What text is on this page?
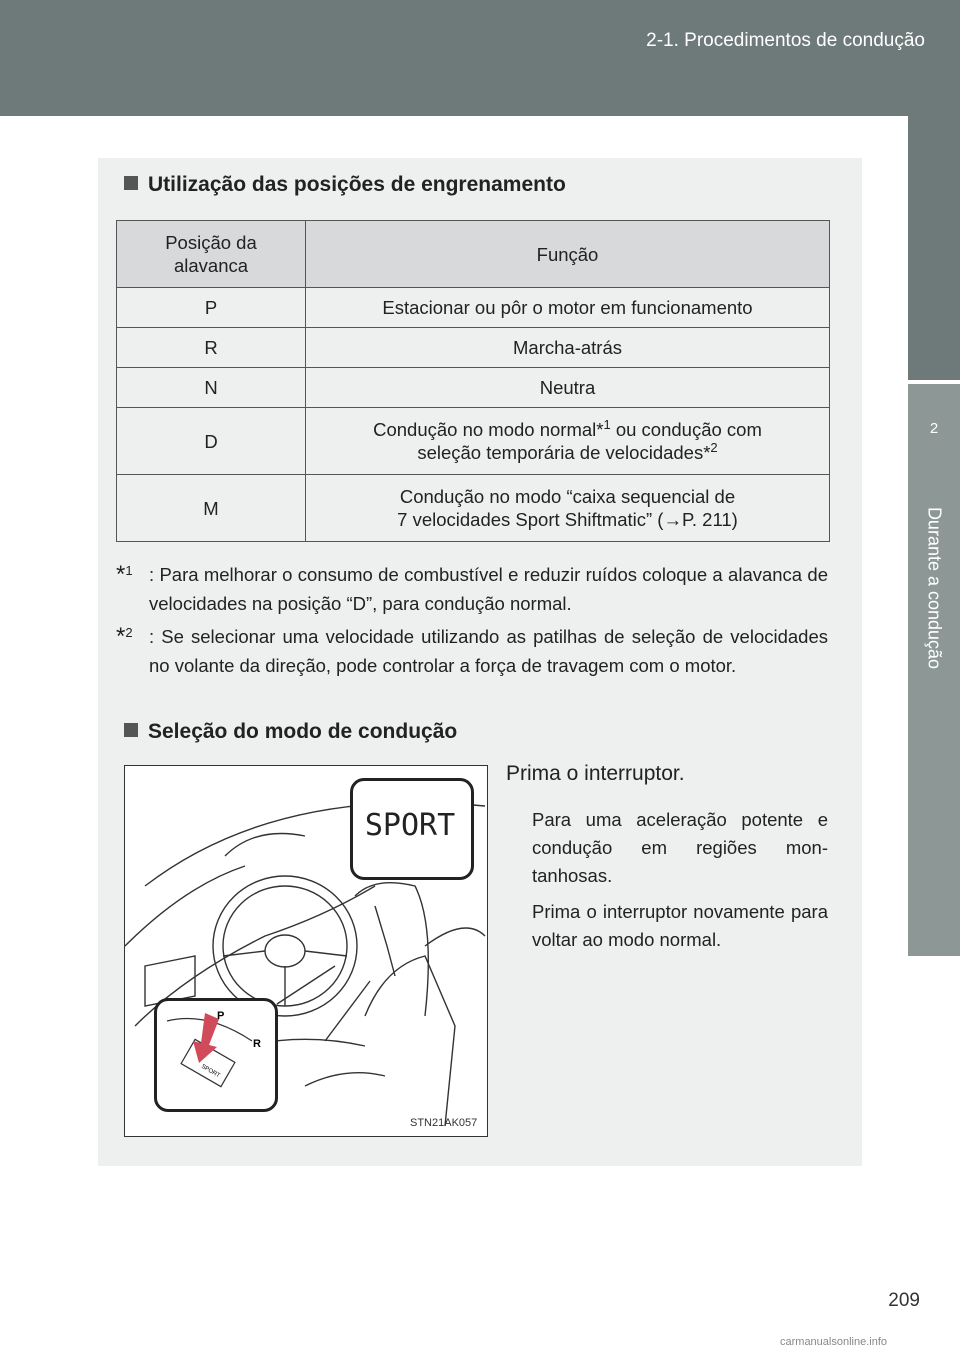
2-1. Procedimentos de condução
2
Durante a condução
Utilização das posições de engrenamento
Posição da alavanca	Função
P	Estacionar ou pôr o motor em funcionamento
R	Marcha-atrás
N	Neutra
D	Condução no modo normal*$^1$ ou condução com
seleção temporária de velocidades*$^2$
M	Condução no modo “caixa sequencial de
7 velocidades Sport Shiftmatic” (→P. 211)
*$^1$ : Para melhorar o consumo de combustível e reduzir ruídos coloque a alavanca de velocidades na posição “D”, para condução normal.
*$^2$ : Se selecionar uma velocidade utilizando as patilhas de seleção de velocidades no volante da direção, pode controlar a força de travagem com o motor.
Seleção do modo de condução
SPORT
P
R
SPORT
STN21AK057
Prima o interruptor.
Para uma aceleração potente e condução em regiões mon-tanhosas.
Prima o interruptor novamente para voltar ao modo normal.
209
carmanualsonline.info
